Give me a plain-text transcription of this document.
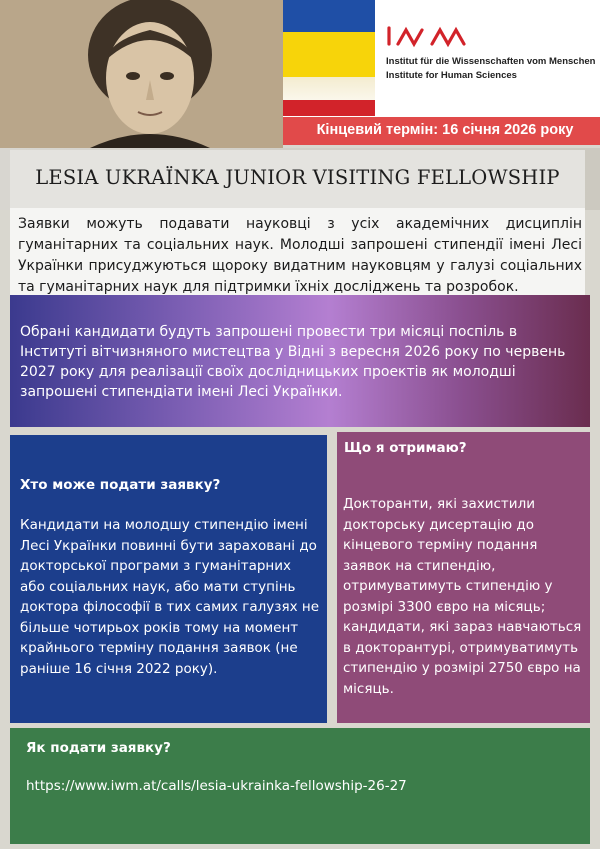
Institut für die Wissenschaften vom Menschen
Institute for Human Sciences
Кінцевий термін: 16 січня 2026 року
LESIA UKRAÏNKA JUNIOR VISITING FELLOWSHIP
Заявки можуть подавати науковці з усіх академічних дисциплін гуманітарних та соціальних наук. Молодші запрошені стипендії імені Лесі Українки присуджуються щороку видатним науковцям у галузі соціальних та гуманітарних наук для підтримки їхніх досліджень та розробок.
Обрані кандидати будуть запрошені провести три місяці поспіль в Інституті вітчизняного мистецтва у Відні з вересня 2026 року по червень 2027 року для реалізації своїх дослідницьких проектів як молодші запрошені стипендіати імені Лесі Українки.
Хто може подати заявку?
Кандидати на молодшу стипендію імені Лесі Українки повинні бути зараховані до докторської програми з гуманітарних або соціальних наук, або мати ступінь доктора філософії в тих самих галузях не більше чотирьох років тому на момент крайнього терміну подання заявок (не раніше 16 січня 2022 року).
Що я отримаю?
Докторанти, які захистили докторську дисертацію до кінцевого терміну подання заявок на стипендію, отримуватимуть стипендію у розмірі 3300 євро на місяць; кандидати, які зараз навчаються в докторантурі, отримуватимуть стипендію у розмірі 2750 євро на місяць.
Як подати заявку?
https://www.iwm.at/calls/lesia-ukrainka-fellowship-26-27
